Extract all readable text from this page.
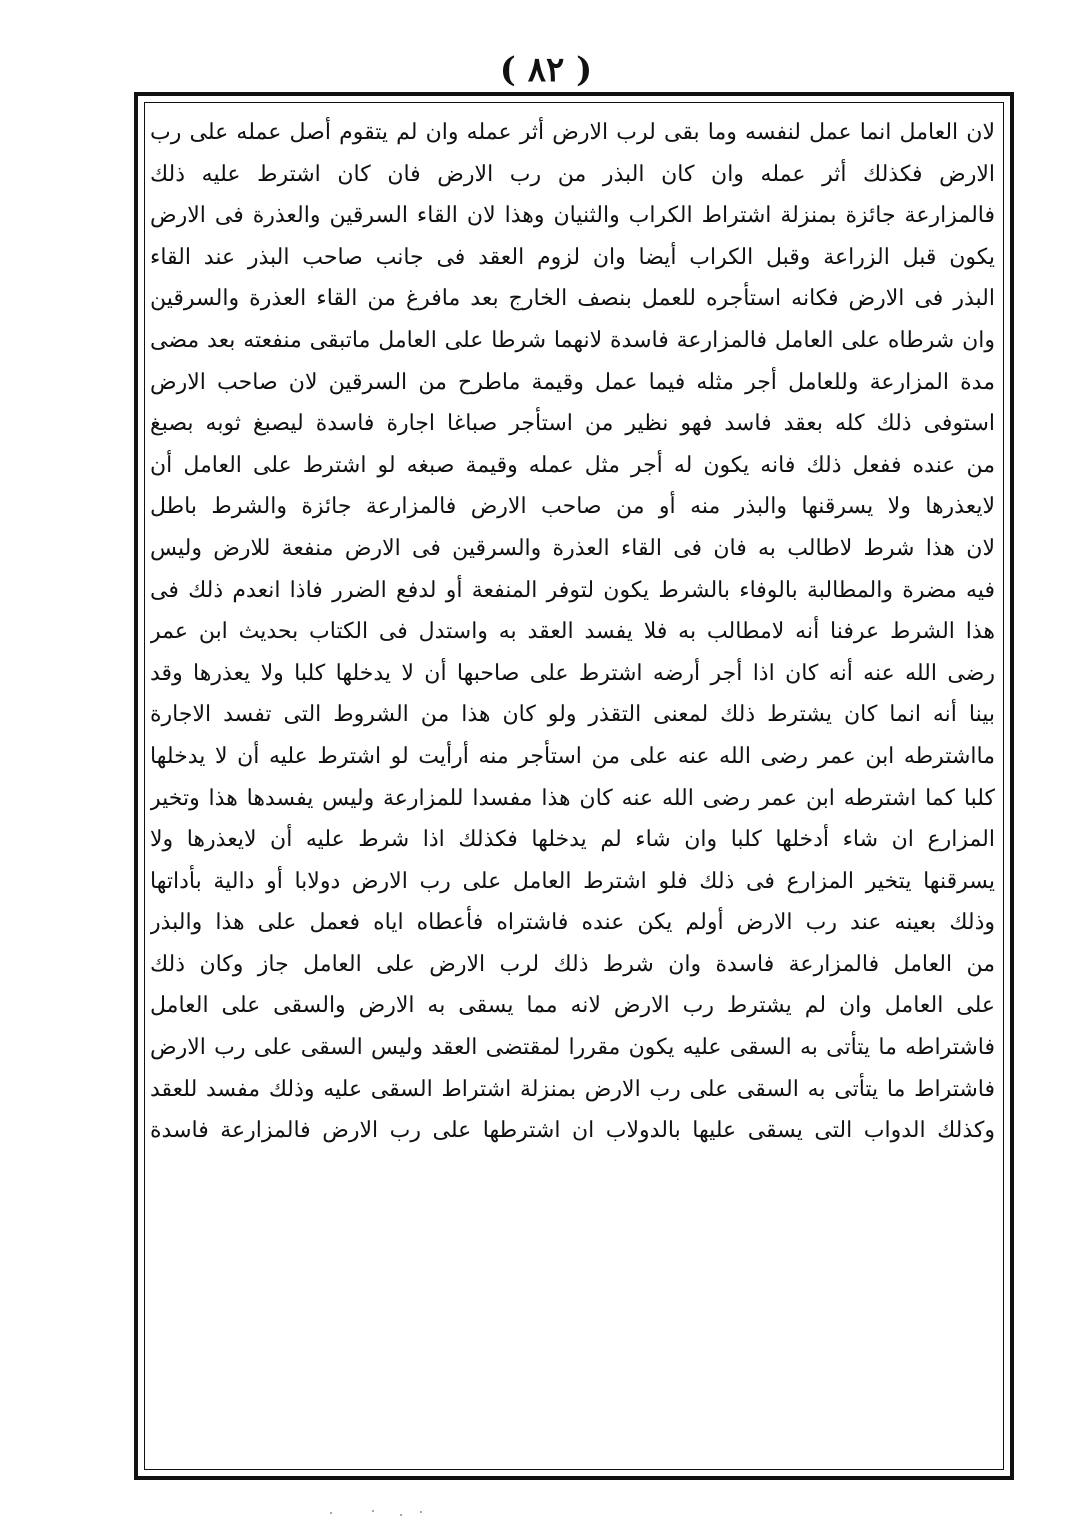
( ٨٢ )
لان العامل انما عمل لنفسه وما بقى لرب الارض أثر عمله وان لم يتقوم أصل عمله على رب
الارض فكذلك أثر عمله وان كان البذر من رب الارض فان كان اشترط عليه ذلك
فالمزارعة جائزة بمنزلة اشتراط الكراب والثنيان وهذا لان القاء السرقين والعذرة فى الارض
يكون قبل الزراعة وقبل الكراب أيضا وان لزوم العقد فى جانب صاحب البذر عند القاء
البذر فى الارض فكانه استأجره للعمل بنصف الخارج بعد مافرغ من القاء العذرة والسرقين
وان شرطاه على العامل فالمزارعة فاسدة لانهما شرطا على العامل ماتبقى منفعته بعد مضى
مدة المزارعة وللعامل أجر مثله فيما عمل وقيمة ماطرح من السرقين لان صاحب الارض
استوفى ذلك كله بعقد فاسد فهو نظير من استأجر صباغا اجارة فاسدة ليصبغ ثوبه بصبغ
من عنده ففعل ذلك فانه يكون له أجر مثل عمله وقيمة صبغه لو اشترط على العامل أن
لايعذرها ولا يسرقنها والبذر منه أو من صاحب الارض فالمزارعة جائزة والشرط باطل
لان هذا شرط لاطالب به فان فى القاء العذرة والسرقين فى الارض منفعة للارض وليس
فيه مضرة والمطالبة بالوفاء بالشرط يكون لتوفر المنفعة أو لدفع الضرر فاذا انعدم ذلك فى
هذا الشرط عرفنا أنه لامطالب به فلا يفسد العقد به واستدل فى الكتاب بحديث ابن عمر
رضى الله عنه أنه كان اذا أجر أرضه اشترط على صاحبها أن لا يدخلها كلبا ولا يعذرها وقد
بينا أنه انما كان يشترط ذلك لمعنى التقذر ولو كان هذا من الشروط التى تفسد الاجارة
مااشترطه ابن عمر رضى الله عنه على من استأجر منه أرأيت لو اشترط عليه أن لا يدخلها
كلبا كما اشترطه ابن عمر رضى الله عنه كان هذا مفسدا للمزارعة وليس يفسدها هذا وتخير
المزارع ان شاء أدخلها كلبا وان شاء لم يدخلها فكذلك اذا شرط عليه أن لايعذرها ولا
يسرقنها يتخير المزارع فى ذلك فلو اشترط العامل على رب الارض دولابا أو دالية بأداتها
وذلك بعينه عند رب الارض أولم يكن عنده فاشتراه فأعطاه اياه فعمل على هذا والبذر
من العامل فالمزارعة فاسدة وان شرط ذلك لرب الارض على العامل جاز وكان ذلك
على العامل وان لم يشترط رب الارض لانه مما يسقى به الارض والسقى على العامل
فاشتراطه ما يتأتى به السقى عليه يكون مقررا لمقتضى العقد وليس السقى على رب الارض
فاشتراط ما يتأتى به السقى على رب الارض بمنزلة اشتراط السقى عليه وذلك مفسد للعقد
وكذلك الدواب التى يسقى عليها بالدولاب ان اشترطها على رب الارض فالمزارعة فاسدة
